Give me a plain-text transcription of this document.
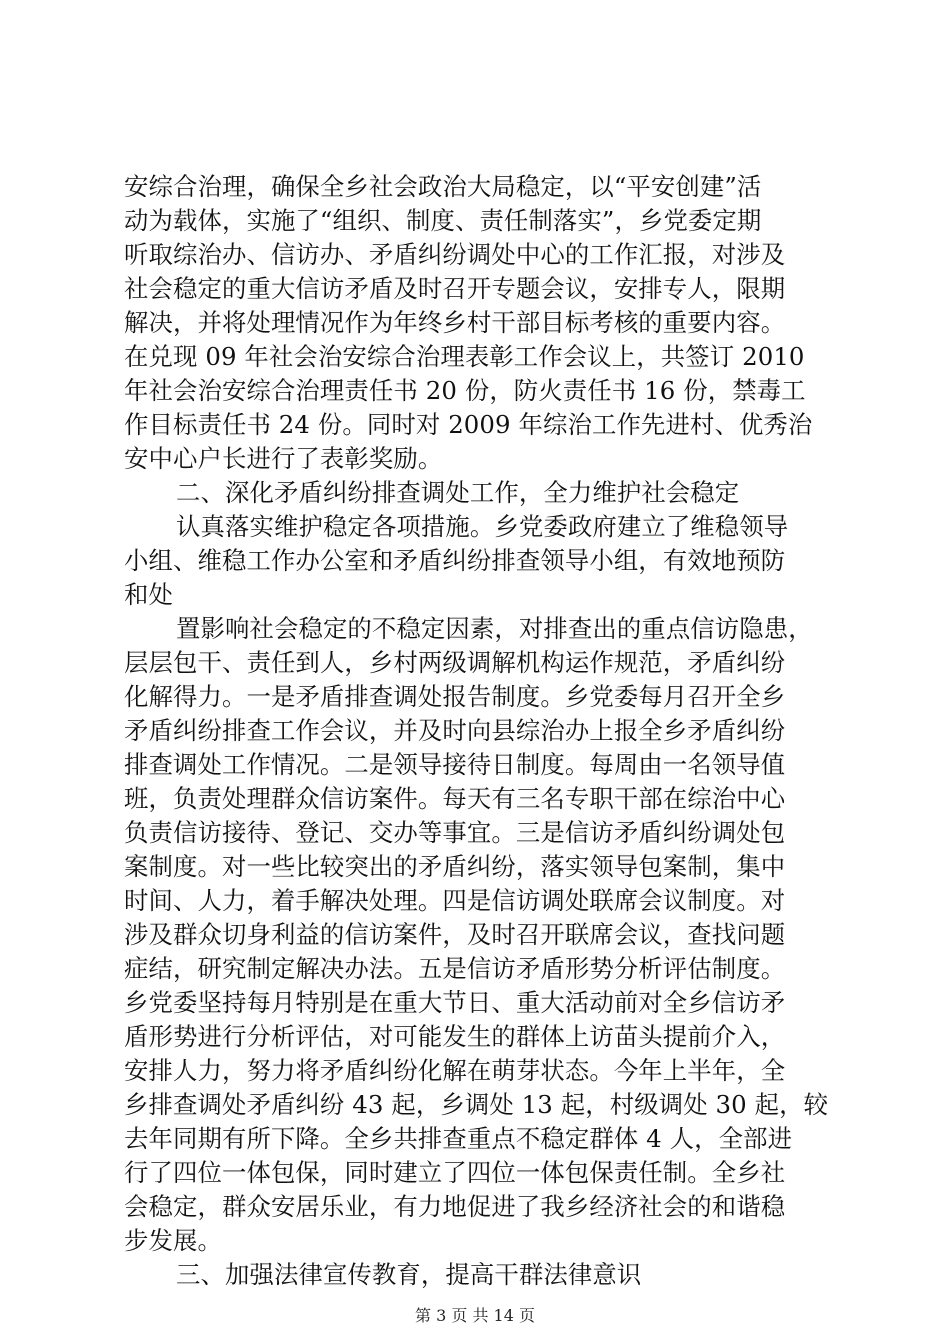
安综合治理，确保全乡社会政治大局稳定，以“平安创建”活
动为载体，实施了“组织、制度、责任制落实”，乡党委定期
听取综治办、信访办、矛盾纠纷调处中心的工作汇报，对涉及
社会稳定的重大信访矛盾及时召开专题会议，安排专人，限期
解决，并将处理情况作为年终乡村干部目标考核的重要内容。
在兑现 09 年社会治安综合治理表彰工作会议上，共签订 2010
年社会治安综合治理责任书 20 份，防火责任书 16 份，禁毒工
作目标责任书 24 份。同时对 2009 年综治工作先进村、优秀治
安中心户长进行了表彰奖励。
二、深化矛盾纠纷排查调处工作，全力维护社会稳定
认真落实维护稳定各项措施。乡党委政府建立了维稳领导
小组、维稳工作办公室和矛盾纠纷排查领导小组，有效地预防
和处
置影响社会稳定的不稳定因素，对排查出的重点信访隐患，
层层包干、责任到人，乡村两级调解机构运作规范，矛盾纠纷
化解得力。一是矛盾排查调处报告制度。乡党委每月召开全乡
矛盾纠纷排查工作会议，并及时向县综治办上报全乡矛盾纠纷
排查调处工作情况。二是领导接待日制度。每周由一名领导值
班，负责处理群众信访案件。每天有三名专职干部在综治中心
负责信访接待、登记、交办等事宜。三是信访矛盾纠纷调处包
案制度。对一些比较突出的矛盾纠纷，落实领导包案制，集中
时间、人力，着手解决处理。四是信访调处联席会议制度。对
涉及群众切身利益的信访案件，及时召开联席会议，查找问题
症结，研究制定解决办法。五是信访矛盾形势分析评估制度。
乡党委坚持每月特别是在重大节日、重大活动前对全乡信访矛
盾形势进行分析评估，对可能发生的群体上访苗头提前介入，
安排人力，努力将矛盾纠纷化解在萌芽状态。今年上半年，全
乡排查调处矛盾纠纷 43 起，乡调处 13 起，村级调处 30 起，较
去年同期有所下降。全乡共排查重点不稳定群体 4 人，全部进
行了四位一体包保，同时建立了四位一体包保责任制。全乡社
会稳定，群众安居乐业，有力地促进了我乡经济社会的和谐稳
步发展。
三、加强法律宣传教育，提高干群法律意识
第 3 页 共 14 页
